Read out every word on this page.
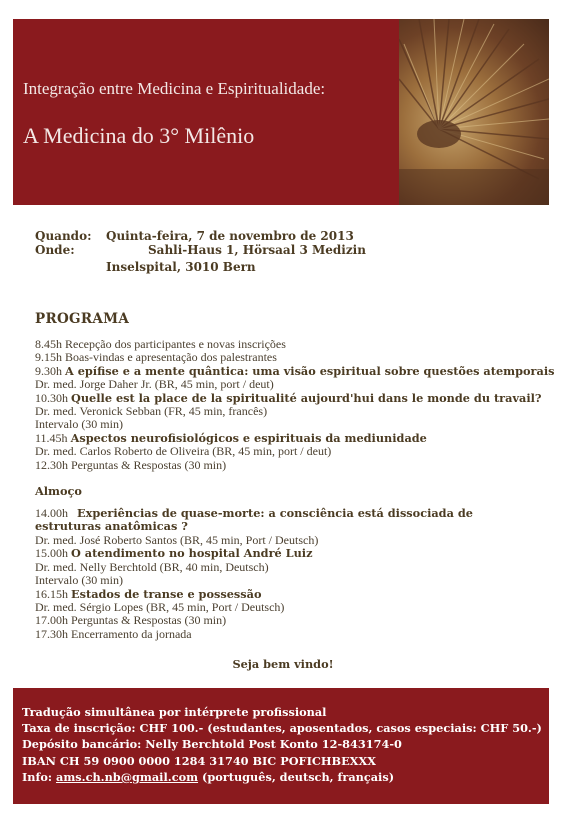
Integração entre Medicina e Espiritualidade:
A Medicina do 3° Milênio
Quando: Quinta-feira, 7 de novembro de 2013
Onde:	Sahli-Haus 1, Hörsaal 3 Medizin
Inselspital, 3010 Bern
PROGRAMA
8.45h Recepção dos participantes e novas inscrições
9.15h Boas-vindas e apresentação dos palestrantes
9.30h A epífise e a mente quântica: uma visão espiritual sobre questões atemporais
Dr. med. Jorge Daher Jr. (BR, 45 min, port / deut)
10.30h Quelle est la place de la spiritualité aujourd'hui dans le monde du travail?
Dr. med. Veronick Sebban (FR, 45 min, francês)
Intervalo (30 min)
11.45h Aspectos neurofisiológicos e espirituais da mediunidade
Dr. med. Carlos Roberto de Oliveira (BR, 45 min, port / deut)
12.30h Perguntas & Respostas (30 min)
Almoço
14.00h Experiências de quase-morte: a consciência está dissociada de estruturas anatômicas ?
Dr. med. José Roberto Santos (BR, 45 min, Port / Deutsch)
15.00h O atendimento no hospital André Luiz
Dr. med. Nelly Berchtold (BR, 40 min, Deutsch)
Intervalo (30 min)
16.15h Estados de transe e possessão
Dr. med. Sérgio Lopes (BR, 45 min, Port / Deutsch)
17.00h Perguntas & Respostas (30 min)
17.30h Encerramento da jornada
Seja bem vindo!
Tradução simultânea por intérprete profissional
Taxa de inscrição: CHF 100.- (estudantes, aposentados, casos especiais: CHF 50.-)
Depósito bancário: Nelly Berchtold Post Konto 12-843174-0
IBAN CH 59 0900 0000 1284 31740 BIC POFICHBEXXX
Info: ams.ch.nb@gmail.com (português, deutsch, français)
